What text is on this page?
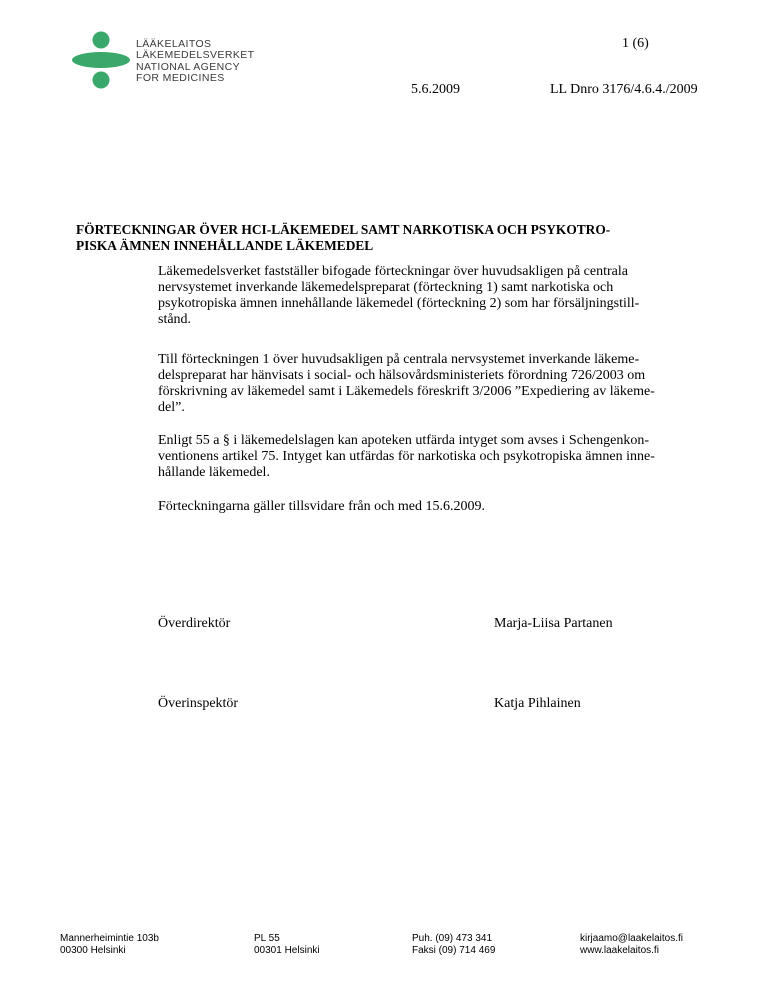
LÄÄKELAITOS
LÄKEMEDELSVERKET
NATIONAL AGENCY
FOR MEDICINES
1 (6)
5.6.2009	LL Dnro 3176/4.6.4./2009
FÖRTECKNINGAR ÖVER HCI-LÄKEMEDEL SAMT NARKOTISKA OCH PSYKOTRO-
PISKA ÄMNEN INNEHÅLLANDE LÄKEMEDEL
Läkemedelsverket fastställer bifogade förteckningar över huvudsakligen på centrala
nervsystemet inverkande läkemedelspreparat (förteckning 1) samt narkotiska och
psykotropiska ämnen innehållande läkemedel (förteckning 2) som har försäljningstill-
stånd.
Till förteckningen 1 över huvudsakligen på centrala nervsystemet inverkande läkeme-
delspreparat har hänvisats i social- och hälsovårdsministeriets förordning 726/2003 om
förskrivning av läkemedel samt i Läkemedels föreskrift 3/2006 ”Expediering av läkeme-
del”.
Enligt 55 a § i läkemedelslagen kan apoteken utfärda intyget som avses i Schengenkon-
ventionens artikel 75. Intyget kan utfärdas för narkotiska och psykotropiska ämnen inne-
hållande läkemedel.
Förteckningarna gäller tillsvidare från och med 15.6.2009.
Överdirektör	Marja-Liisa Partanen
Överinspektör	Katja Pihlainen
Mannerheimintie 103b
00300 Helsinki
PL 55
00301 Helsinki
Puh. (09) 473 341
Faksi (09) 714 469
kirjaamo@laakelaitos.fi
www.laakelaitos.fi
